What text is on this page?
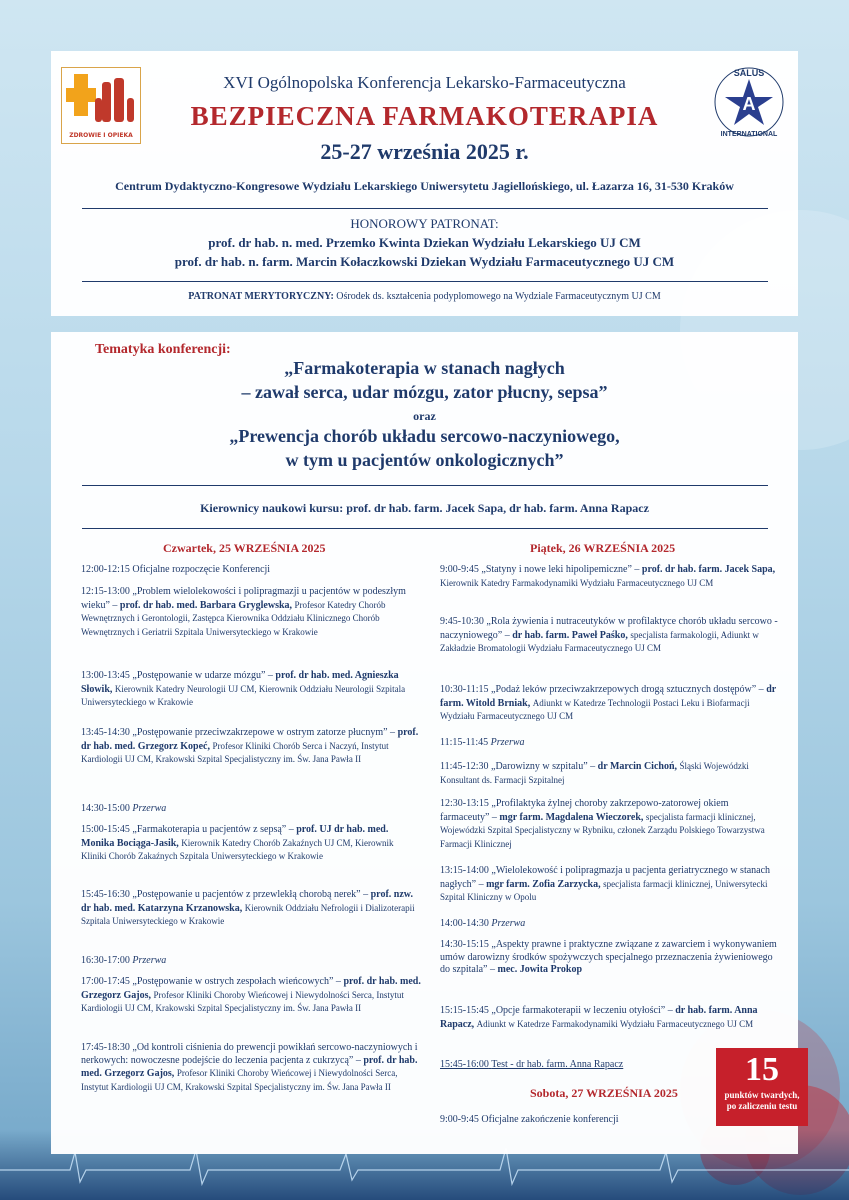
ZDROWIE I OPIEKA
A
SALUS
INTERNATIONAL
XVI Ogólnopolska Konferencja Lekarsko-Farmaceutyczna
BEZPIECZNA FARMAKOTERAPIA
25-27 września 2025 r.
Centrum Dydaktyczno-Kongresowe Wydziału Lekarskiego Uniwersytetu Jagiellońskiego, ul. Łazarza 16, 31-530 Kraków
HONOROWY PATRONAT:
prof. dr hab. n. med. Przemko Kwinta Dziekan Wydziału Lekarskiego UJ CM
prof. dr hab. n. farm. Marcin Kołaczkowski Dziekan Wydziału Farmaceutycznego UJ CM
PATRONAT MERYTORYCZNY: Ośrodek ds. kształcenia podyplomowego na Wydziale Farmaceutycznym UJ CM
Tematyka konferencji:
„Farmakoterapia w stanach nagłych
– zawał serca, udar mózgu, zator płucny, sepsa”
oraz
„Prewencja chorób układu sercowo-naczyniowego,
w tym u pacjentów onkologicznych”
Kierownicy naukowi kursu: prof. dr hab. farm. Jacek Sapa, dr hab. farm. Anna Rapacz
Czwartek, 25 WRZEŚNIA 2025	Piątek, 26 WRZEŚNIA 2025
12:00-12:15 Oficjalne rozpoczęcie Konferencji
12:15-13:00 „Problem wielolekowości i polipragmazji u pacjentów w podeszłym wieku” – prof. dr hab. med. Barbara Gryglewska, Profesor Katedry Chorób Wewnętrznych i Gerontologii, Zastępca Kierownika Oddziału Klinicznego Chorób Wewnętrznych i Geriatrii Szpitala Uniwersyteckiego w Krakowie
13:00-13:45 „Postępowanie w udarze mózgu” – prof. dr hab. med. Agnieszka Słowik, Kierownik Katedry Neurologii UJ CM, Kierownik Oddziału Neurologii Szpitala Uniwersyteckiego w Krakowie
13:45-14:30 „Postępowanie przeciwzakrzepowe w ostrym zatorze płucnym” – prof. dr hab. med. Grzegorz Kopeć, Profesor Kliniki Chorób Serca i Naczyń, Instytut Kardiologii UJ CM, Krakowski Szpital Specjalistyczny im. Św. Jana Pawła II
14:30-15:00 Przerwa
15:00-15:45 „Farmakoterapia u pacjentów z sepsą” – prof. UJ dr hab. med. Monika Bociąga-Jasik, Kierownik Katedry Chorób Zakaźnych UJ CM, Kierownik Kliniki Chorób Zakaźnych Szpitala Uniwersyteckiego w Krakowie
15:45-16:30 „Postępowanie u pacjentów z przewlekłą chorobą nerek” – prof. nzw. dr hab. med. Katarzyna Krzanowska, Kierownik Oddziału Nefrologii i Dializoterapii Szpitala Uniwersyteckiego w Krakowie
16:30-17:00 Przerwa
17:00-17:45 „Postępowanie w ostrych zespołach wieńcowych” – prof. dr hab. med. Grzegorz Gajos, Profesor Kliniki Choroby Wieńcowej i Niewydolności Serca, Instytut Kardiologii UJ CM, Krakowski Szpital Specjalistyczny im. Św. Jana Pawła II
17:45-18:30 „Od kontroli ciśnienia do prewencji powikłań sercowo-naczyniowych i nerkowych: nowoczesne podejście do leczenia pacjenta z cukrzycą” – prof. dr hab. med. Grzegorz Gajos, Profesor Kliniki Choroby Wieńcowej i Niewydolności Serca, Instytut Kardiologii UJ CM, Krakowski Szpital Specjalistyczny im. Św. Jana Pawła II
9:00-9:45 „Statyny i nowe leki hipolipemiczne” – prof. dr hab. farm. Jacek Sapa, Kierownik Katedry Farmakodynamiki Wydziału Farmaceutycznego UJ CM
9:45-10:30 „Rola żywienia i nutraceutyków w profilaktyce chorób układu sercowo - naczyniowego” – dr hab. farm. Paweł Paśko, specjalista farmakologii, Adiunkt w Zakładzie Bromatologii Wydziału Farmaceutycznego UJ CM
10:30-11:15 „Podaż leków przeciwzakrzepowych drogą sztucznych dostępów” – dr farm. Witold Brniak, Adiunkt w Katedrze Technologii Postaci Leku i Biofarmacji Wydziału Farmaceutycznego UJ CM
11:15-11:45 Przerwa
11:45-12:30 „Darowizny w szpitalu” – dr Marcin Cichoń, Śląski Wojewódzki Konsultant ds. Farmacji Szpitalnej
12:30-13:15 „Profilaktyka żylnej choroby zakrzepowo-zatorowej okiem farmaceuty” – mgr farm. Magdalena Wieczorek, specjalista farmacji klinicznej, Wojewódzki Szpital Specjalistyczny w Rybniku, członek Zarządu Polskiego Towarzystwa Farmacji Klinicznej
13:15-14:00 „Wielolekowość i polipragmazja u pacjenta geriatrycznego w stanach nagłych” – mgr farm. Zofia Zarzycka, specjalista farmacji klinicznej, Uniwersytecki Szpital Kliniczny w Opolu
14:00-14:30 Przerwa
14:30-15:15 „Aspekty prawne i praktyczne związane z zawarciem i wykonywaniem umów darowizny środków spożywczych specjalnego przeznaczenia żywieniowego do szpitala” – mec. Jowita Prokop
15:15-15:45 „Opcje farmakoterapii w leczeniu otyłości” – dr hab. farm. Anna Rapacz, Adiunkt w Katedrze Farmakodynamiki Wydziału Farmaceutycznego UJ CM
15:45-16:00 Test - dr hab. farm. Anna Rapacz
Sobota, 27 WRZEŚNIA 2025
9:00-9:45 Oficjalne zakończenie konferencji
15
punktów twardych,
po zaliczeniu testu
